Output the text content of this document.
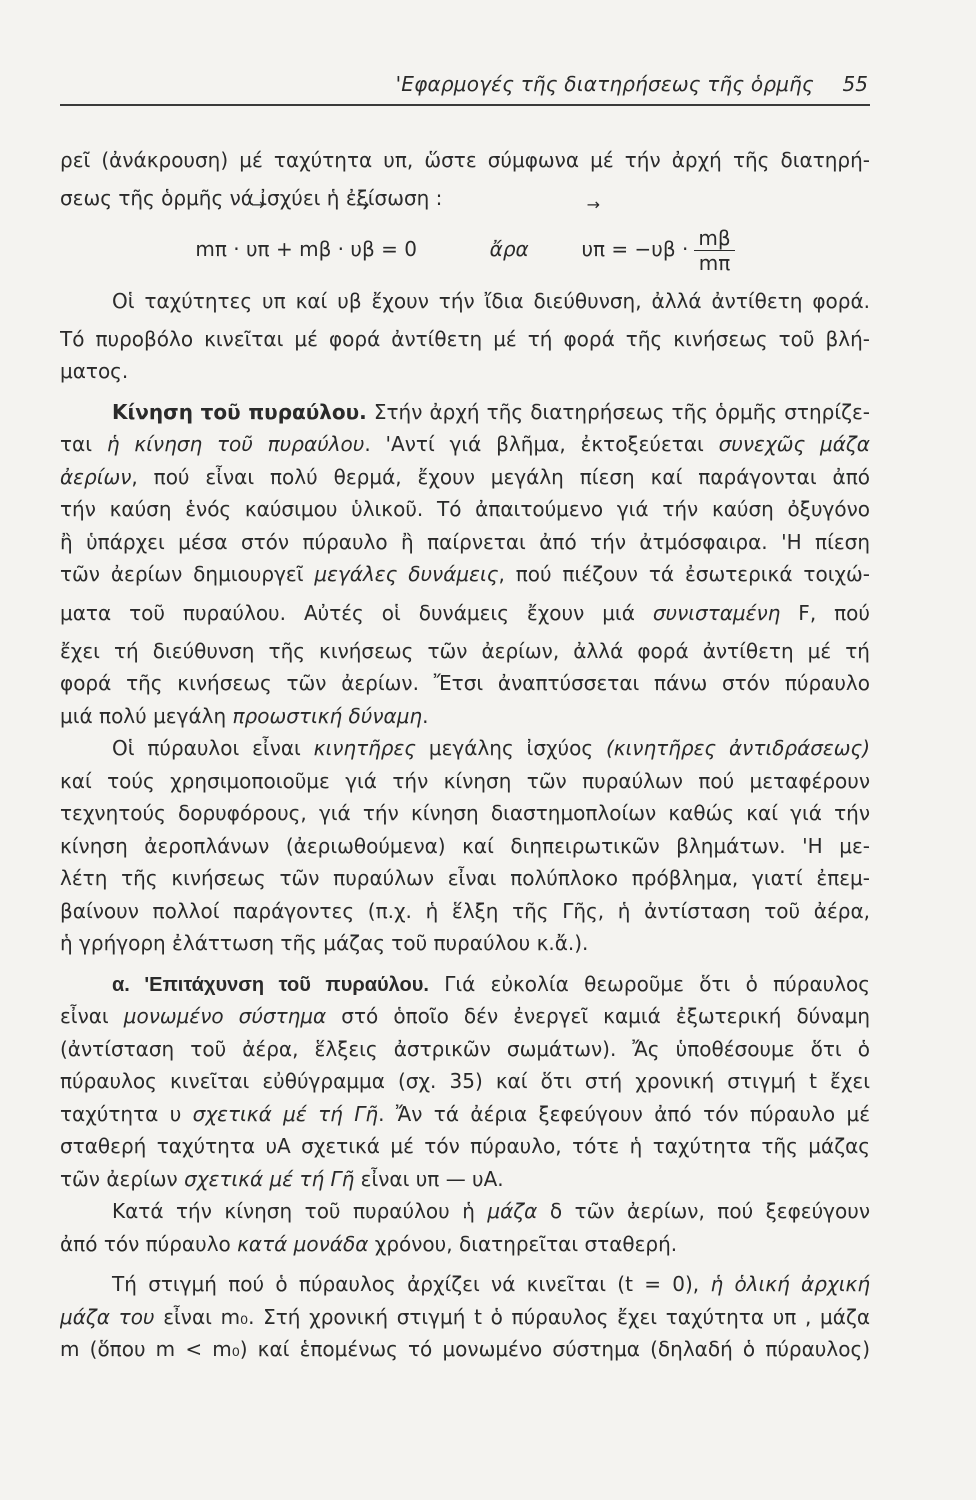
'Εφαρμογές τῆς διατηρήσεως τῆς ὁρμῆς 55
ρεῖ (ἀνάκρουση) μέ ταχύτητα υπ, ὥστε σύμφωνα μέ τήν ἀρχή τῆς διατηρή-
σεως τῆς ὁρμῆς νά ἰσχύει ἡ ἐξίσωση :
mπ · → υπ + mβ · → υβ = 0	ἄρα	→ $\upsilon\pi = -\upsilon\beta \cdot \frac{m\beta}{m\pi}$
Οἱ ταχύτητες → υπ καί → υβ ἔχουν τήν ἴδια διεύθυνση, ἀλλά ἀντίθετη φορά.
Τό πυροβόλο κινεῖται μέ φορά ἀντίθετη μέ τή φορά τῆς κινήσεως τοῦ βλή-
ματος.
Κίνηση τοῦ πυραύλου. Στήν ἀρχή τῆς διατηρήσεως τῆς ὁρμῆς στηρίζε-
ται ἡ κίνηση τοῦ πυραύλου. 'Αντί γιά βλῆμα, ἐκτοξεύεται συνεχῶς μάζα
ἀερίων, πού εἶναι πολύ θερμά, ἔχουν μεγάλη πίεση καί παράγονται ἀπό
τήν καύση ἑνός καύσιμου ὑλικοῦ. Τό ἀπαιτούμενο γιά τήν καύση ὀξυγόνο
ἢ ὑπάρχει μέσα στόν πύραυλο ἢ παίρνεται ἀπό τήν ἀτμόσφαιρα. 'Η πίεση
τῶν ἀερίων δημιουργεῖ μεγάλες δυνάμεις, πού πιέζουν τά ἐσωτερικά τοιχώ-
ματα τοῦ πυραύλου. Αὐτές οἱ δυνάμεις ἔχουν μιά συνισταμένη → F, πού
ἔχει τή διεύθυνση τῆς κινήσεως τῶν ἀερίων, ἀλλά φορά ἀντίθετη μέ τή
φορά τῆς κινήσεως τῶν ἀερίων. Ἔτσι ἀναπτύσσεται πάνω στόν πύραυλο
μιά πολύ μεγάλη προωστική δύναμη.
Οἱ πύραυλοι εἶναι κινητῆρες μεγάλης ἰσχύος (κινητῆρες ἀντιδράσεως)
καί τούς χρησιμοποιοῦμε γιά τήν κίνηση τῶν πυραύλων πού μεταφέρουν
τεχνητούς δορυφόρους, γιά τήν κίνηση διαστημοπλοίων καθώς καί γιά τήν
κίνηση ἀεροπλάνων (ἀεριωθούμενα) καί διηπειρωτικῶν βλημάτων. 'Η με-
λέτη τῆς κινήσεως τῶν πυραύλων εἶναι πολύπλοκο πρόβλημα, γιατί ἐπεμ-
βαίνουν πολλοί παράγοντες (π.χ. ἡ ἕλξη τῆς Γῆς, ἡ ἀντίσταση τοῦ ἀέρα,
ἡ γρήγορη ἐλάττωση τῆς μάζας τοῦ πυραύλου κ.ἄ.).
α. 'Επιτάχυνση τοῦ πυραύλου. Γιά εὐκολία θεωροῦμε ὅτι ὁ πύραυλος
εἶναι μονωμένο σύστημα στό ὁποῖο δέν ἐνεργεῖ καμιά ἐξωτερική δύναμη
(ἀντίσταση τοῦ ἀέρα, ἕλξεις ἀστρικῶν σωμάτων). Ἄς ὑποθέσουμε ὅτι ὁ
πύραυλος κινεῖται εὐθύγραμμα (σχ. 35) καί ὅτι στή χρονική στιγμή t ἔχει
ταχύτητα υ σχετικά μέ τή Γῆ. Ἄν τά ἀέρια ξεφεύγουν ἀπό τόν πύραυλο μέ
σταθερή ταχύτητα υΑ σχετικά μέ τόν πύραυλο, τότε ἡ ταχύτητα τῆς μάζας
τῶν ἀερίων σχετικά μέ τή Γῆ εἶναι υπ — υΑ.
Κατά τήν κίνηση τοῦ πυραύλου ἡ μάζα δ τῶν ἀερίων, πού ξεφεύγουν
ἀπό τόν πύραυλο κατά μονάδα χρόνου, διατηρεῖται σταθερή.
Τή στιγμή πού ὁ πύραυλος ἀρχίζει νά κινεῖται (t = 0), ἡ ὁλική ἀρχική
μάζα του εἶναι m₀. Στή χρονική στιγμή t ὁ πύραυλος ἔχει ταχύτητα υπ , μάζα
m (ὅπου m < m₀) καί ἑπομένως τό μονωμένο σύστημα (δηλαδή ὁ πύραυλος)
